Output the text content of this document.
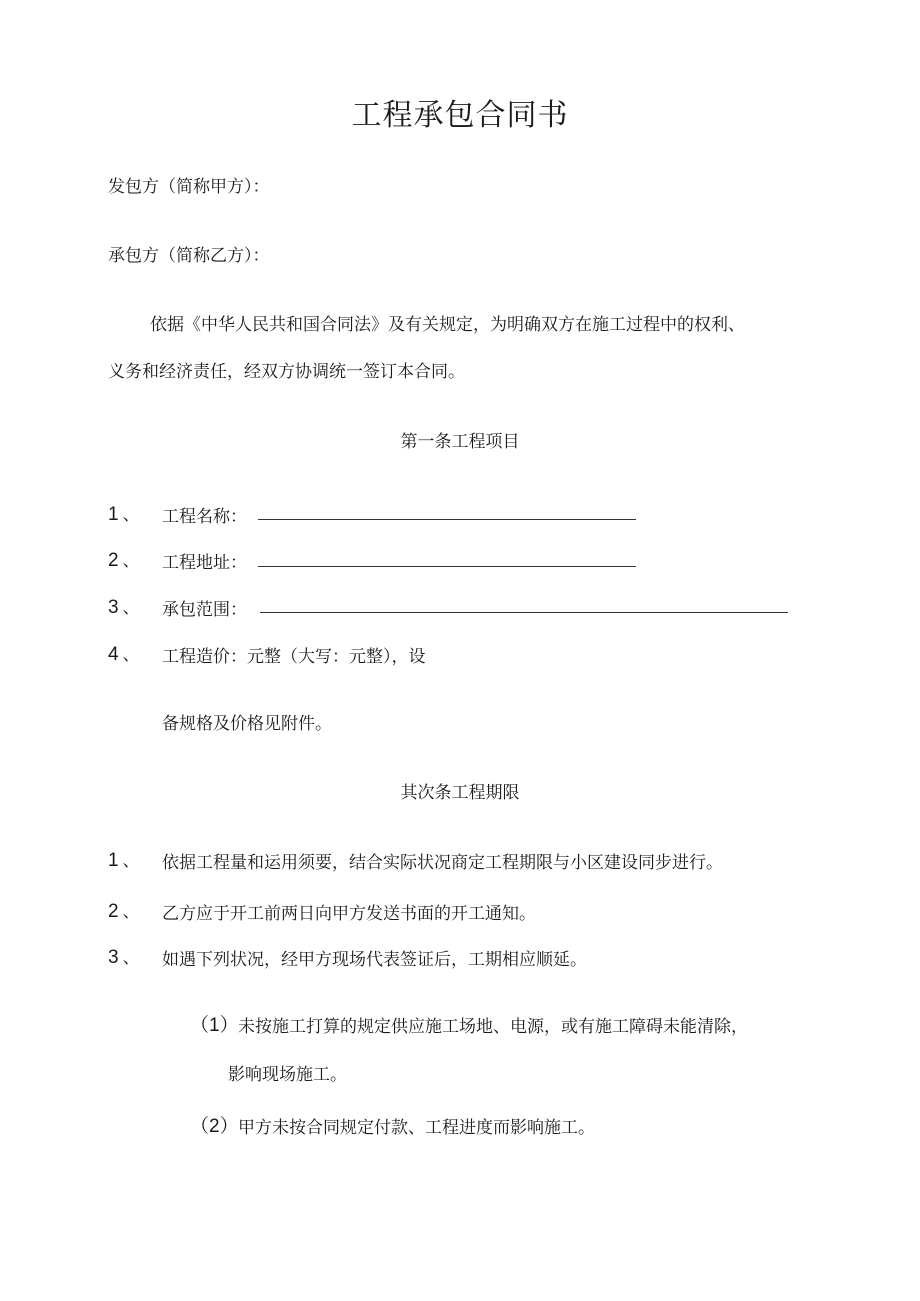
工程承包合同书
发包方（简称甲方）：
承包方（简称乙方）：
依据《中华人民共和国合同法》及有关规定，为明确双方在施工过程中的权利、
义务和经济责任，经双方协调统一签订本合同。
第一条工程项目
1 、 工程名称：
2 、 工程地址：
3 、 承包范围：
4 、 工程造价：元整（大写：元整），设
备规格及价格见附件。
其次条工程期限
1 、 依据工程量和运用须要，结合实际状况商定工程期限与小区建设同步进行。
2 、 乙方应于开工前两日向甲方发送书面的开工通知。
3 、 如遇下列状况，经甲方现场代表签证后，工期相应顺延。
（1） 未按施工打算的规定供应施工场地、电源，或有施工障碍未能清除，
影响现场施工。
（2） 甲方未按合同规定付款、工程进度而影响施工。
